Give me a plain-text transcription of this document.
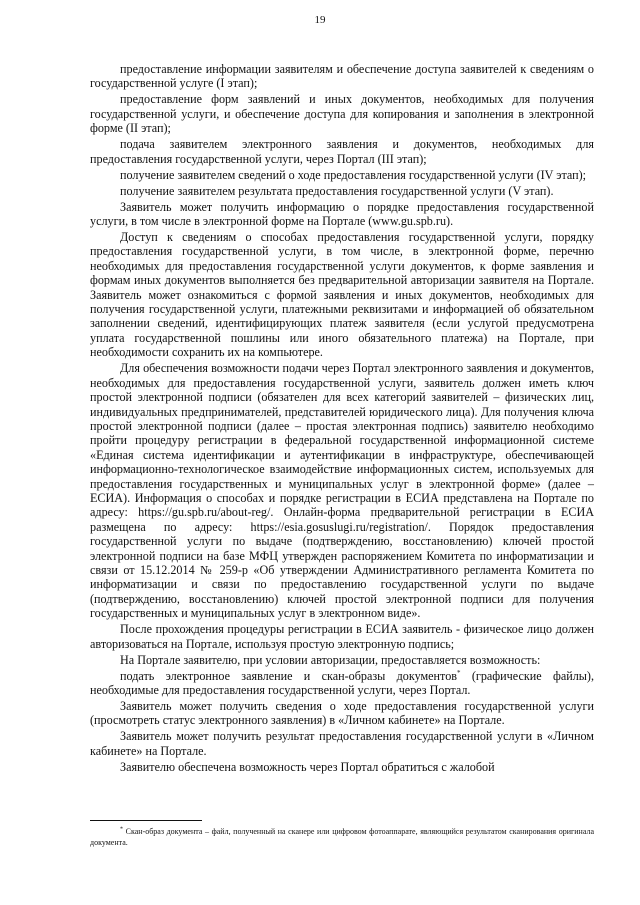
19

предоставление информации заявителям и обеспечение доступа заявителей к сведениям о государственной услуге (I этап);

предоставление форм заявлений и иных документов, необходимых для получения государственной услуги, и обеспечение доступа для копирования и заполнения в электронной форме (II этап);

подача заявителем электронного заявления и документов, необходимых для предоставления государственной услуги, через Портал (III этап);

получение заявителем сведений о ходе предоставления государственной услуги (IV этап);

получение заявителем результата предоставления государственной услуги (V этап).

Заявитель может получить информацию о порядке предоставления государственной услуги, в том числе в электронной форме на Портале (www.gu.spb.ru).

Доступ к сведениям о способах предоставления государственной услуги, порядку предоставления государственной услуги, в том числе, в электронной форме, перечню необходимых для предоставления государственной услуги документов, к форме заявления и формам иных документов выполняется без предварительной авторизации заявителя на Портале. Заявитель может ознакомиться с формой заявления и иных документов, необходимых для получения государственной услуги, платежными реквизитами и информацией об обязательном заполнении сведений, идентифицирующих платеж заявителя (если услугой предусмотрена уплата государственной пошлины или иного обязательного платежа) на Портале, при необходимости сохранить их на компьютере.

Для обеспечения возможности подачи через Портал электронного заявления и документов, необходимых для предоставления государственной услуги, заявитель должен иметь ключ простой электронной подписи (обязателен для всех категорий заявителей – физических лиц, индивидуальных предпринимателей, представителей юридического лица). Для получения ключа простой электронной подписи (далее – простая электронная подпись) заявителю необходимо пройти процедуру регистрации в федеральной государственной информационной системе «Единая система идентификации и аутентификации в инфраструктуре, обеспечивающей информационно-технологическое взаимодействие информационных систем, используемых для предоставления государственных и муниципальных услуг в электронной форме» (далее – ЕСИА). Информация о способах и порядке регистрации в ЕСИА представлена на Портале по адресу: https://gu.spb.ru/about-reg/. Онлайн-форма предварительной регистрации в ЕСИА размещена по адресу: https://esia.gosuslugi.ru/registration/. Порядок предоставления государственной услуги по выдаче (подтверждению, восстановлению) ключей простой электронной подписи на базе МФЦ утвержден распоряжением Комитета по информатизации и связи от 15.12.2014 № 259-р «Об утверждении Административного регламента Комитета по информатизации и связи по предоставлению государственной услуги по выдаче (подтверждению, восстановлению) ключей простой электронной подписи для получения государственных и муниципальных услуг в электронном виде».

После прохождения процедуры регистрации в ЕСИА заявитель - физическое лицо должен авторизоваться на Портале, используя простую электронную подпись;

На Портале заявителю, при условии авторизации, предоставляется возможность:

подать электронное заявление и скан-образы документов* (графические файлы), необходимые для предоставления государственной услуги, через Портал.

Заявитель может получить сведения о ходе предоставления государственной услуги (просмотреть статус электронного заявления) в «Личном кабинете» на Портале.

Заявитель может получить результат предоставления государственной услуги в «Личном кабинете» на Портале.

Заявителю обеспечена возможность через Портал обратиться с жалобой

* Скан-образ документа – файл, полученный на сканере или цифровом фотоаппарате, являющийся результатом сканирования оригинала документа.
